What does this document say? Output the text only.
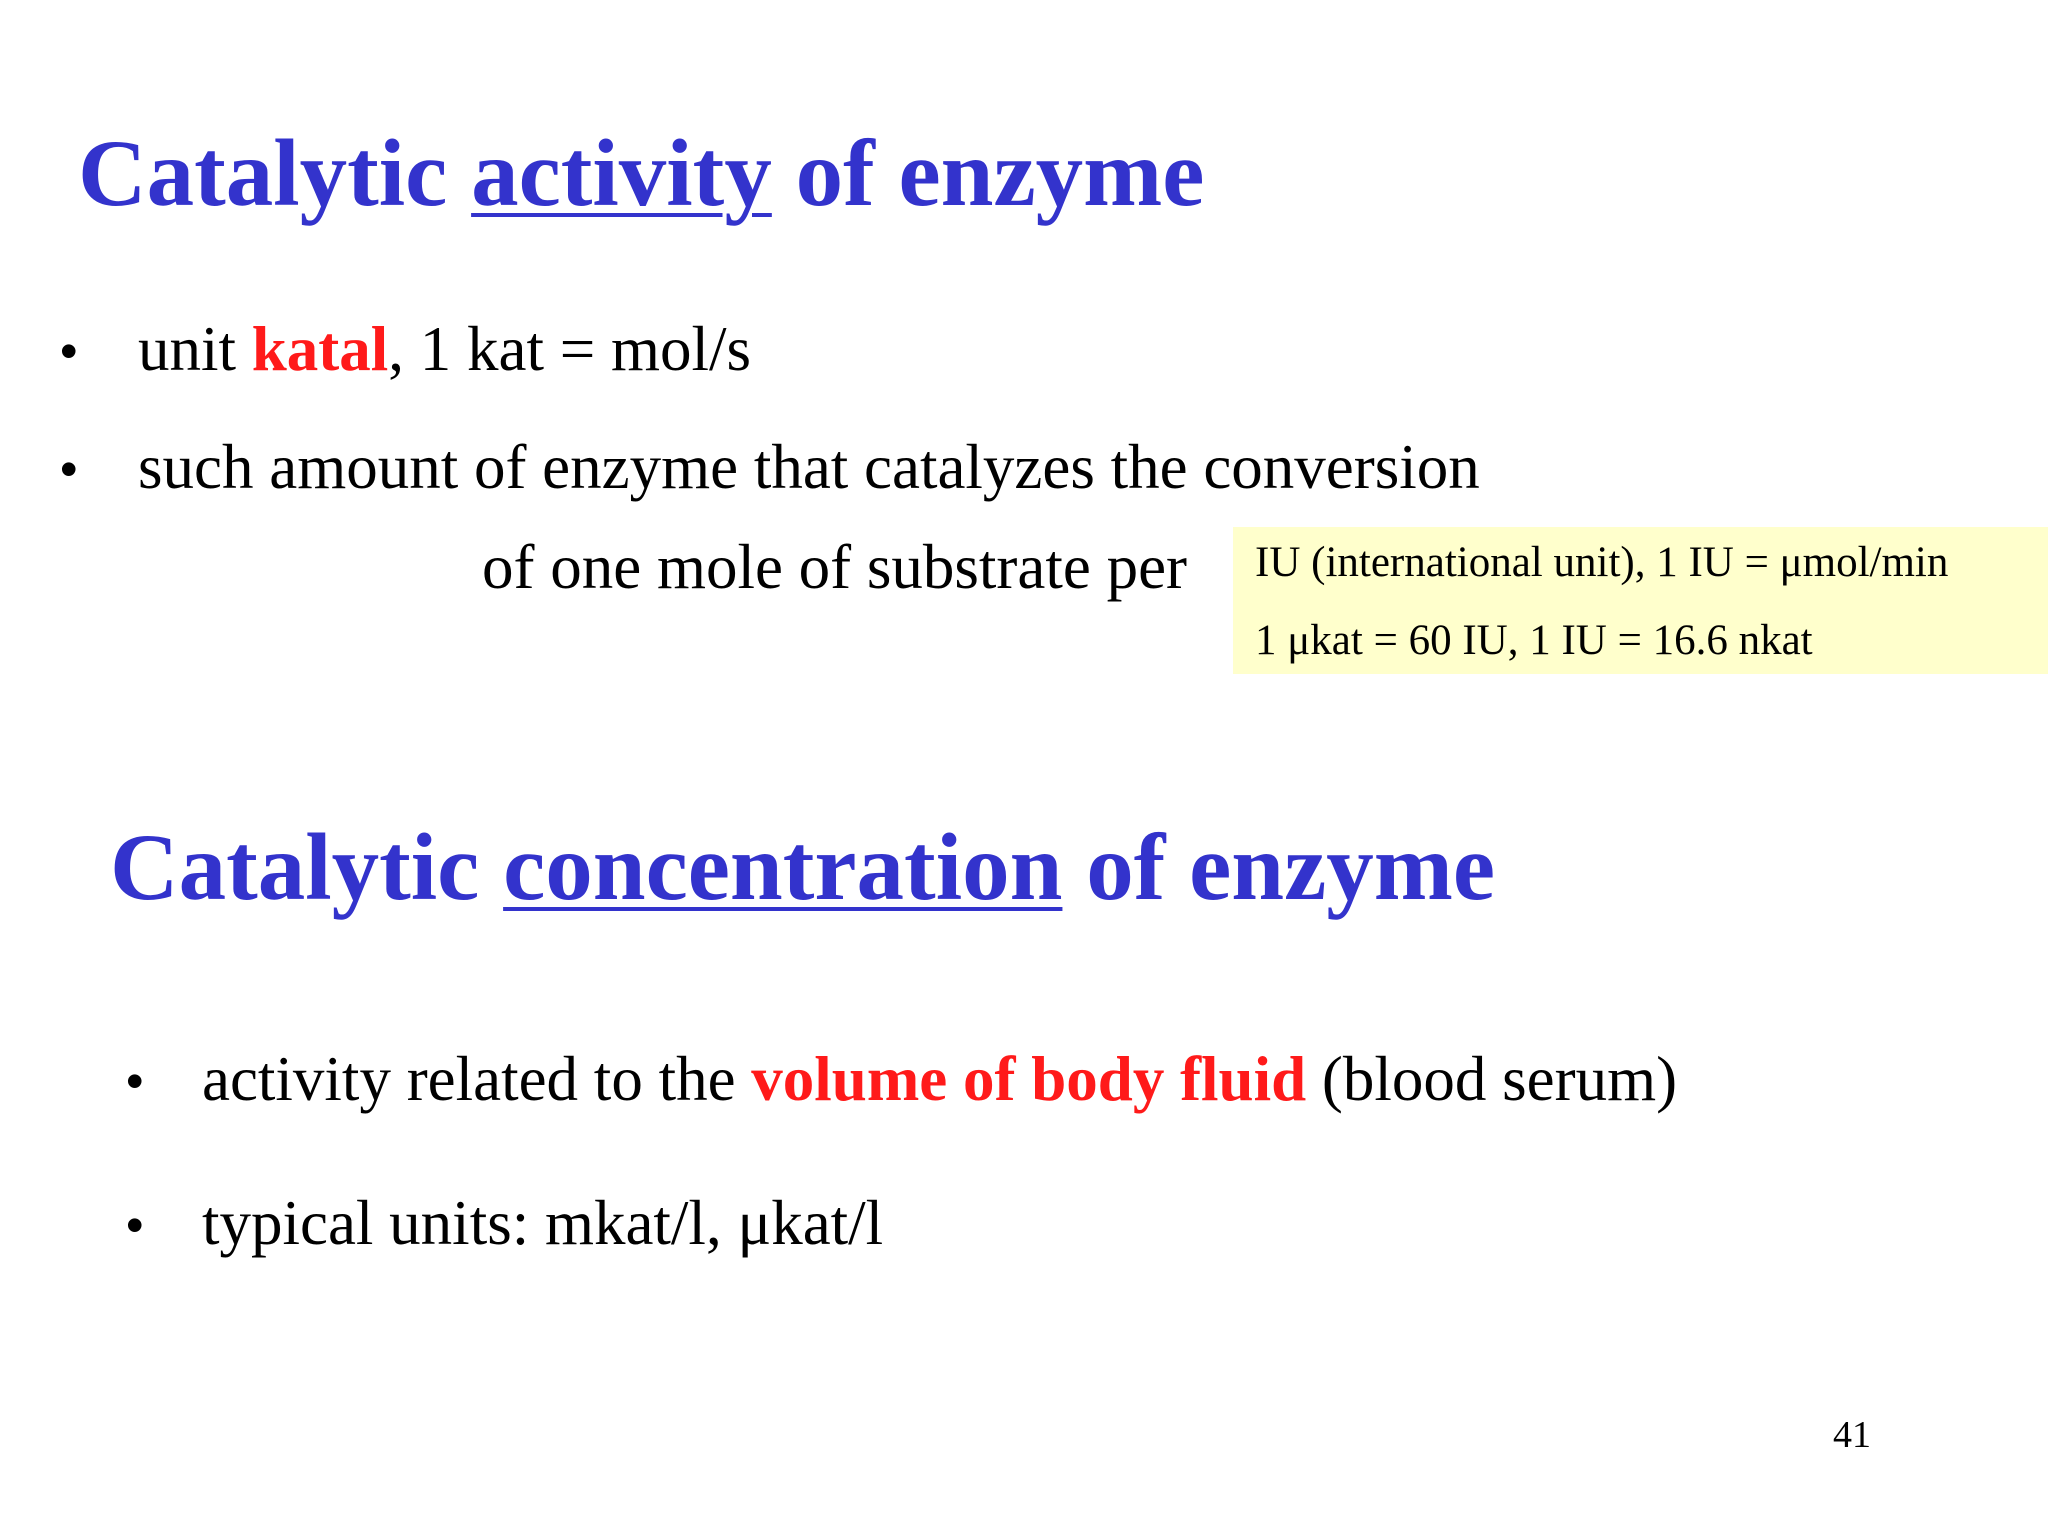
Catalytic activity of enzyme
• unit katal, 1 kat = mol/s
• such amount of enzyme that catalyzes the conversion
of one mole of substrate per IU (international unit), 1 IU = μmol/min
1 μkat = 60 IU, 1 IU = 16.6 nkat
Catalytic concentration of enzyme
• activity related to the volume of body fluid (blood serum)
• typical units: mkat/l, μkat/l
41
